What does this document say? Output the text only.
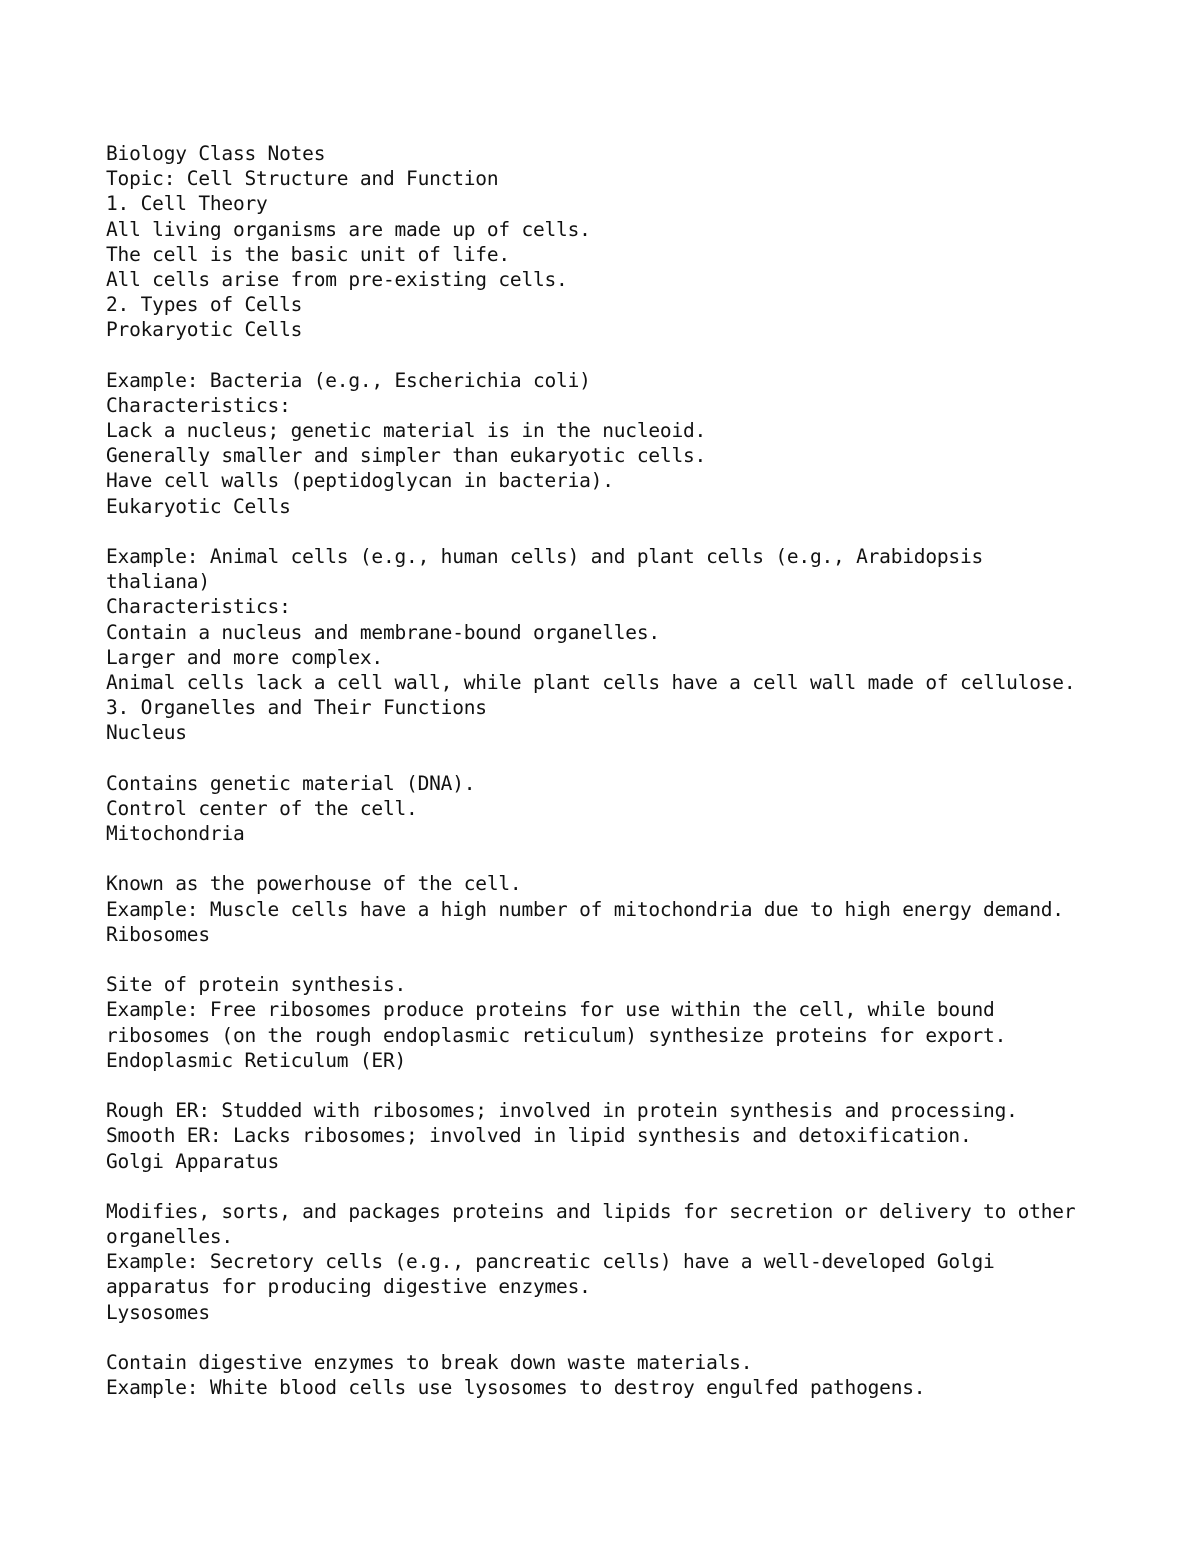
Biology Class Notes
Topic: Cell Structure and Function
1. Cell Theory
All living organisms are made up of cells.
The cell is the basic unit of life.
All cells arise from pre-existing cells.
2. Types of Cells
Prokaryotic Cells
Example: Bacteria (e.g., Escherichia coli)
Characteristics:
Lack a nucleus; genetic material is in the nucleoid.
Generally smaller and simpler than eukaryotic cells.
Have cell walls (peptidoglycan in bacteria).
Eukaryotic Cells
Example: Animal cells (e.g., human cells) and plant cells (e.g., Arabidopsis
thaliana)
Characteristics:
Contain a nucleus and membrane-bound organelles.
Larger and more complex.
Animal cells lack a cell wall, while plant cells have a cell wall made of cellulose.
3. Organelles and Their Functions
Nucleus
Contains genetic material (DNA).
Control center of the cell.
Mitochondria
Known as the powerhouse of the cell.
Example: Muscle cells have a high number of mitochondria due to high energy demand.
Ribosomes
Site of protein synthesis.
Example: Free ribosomes produce proteins for use within the cell, while bound
ribosomes (on the rough endoplasmic reticulum) synthesize proteins for export.
Endoplasmic Reticulum (ER)
Rough ER: Studded with ribosomes; involved in protein synthesis and processing.
Smooth ER: Lacks ribosomes; involved in lipid synthesis and detoxification.
Golgi Apparatus
Modifies, sorts, and packages proteins and lipids for secretion or delivery to other
organelles.
Example: Secretory cells (e.g., pancreatic cells) have a well-developed Golgi
apparatus for producing digestive enzymes.
Lysosomes
Contain digestive enzymes to break down waste materials.
Example: White blood cells use lysosomes to destroy engulfed pathogens.
